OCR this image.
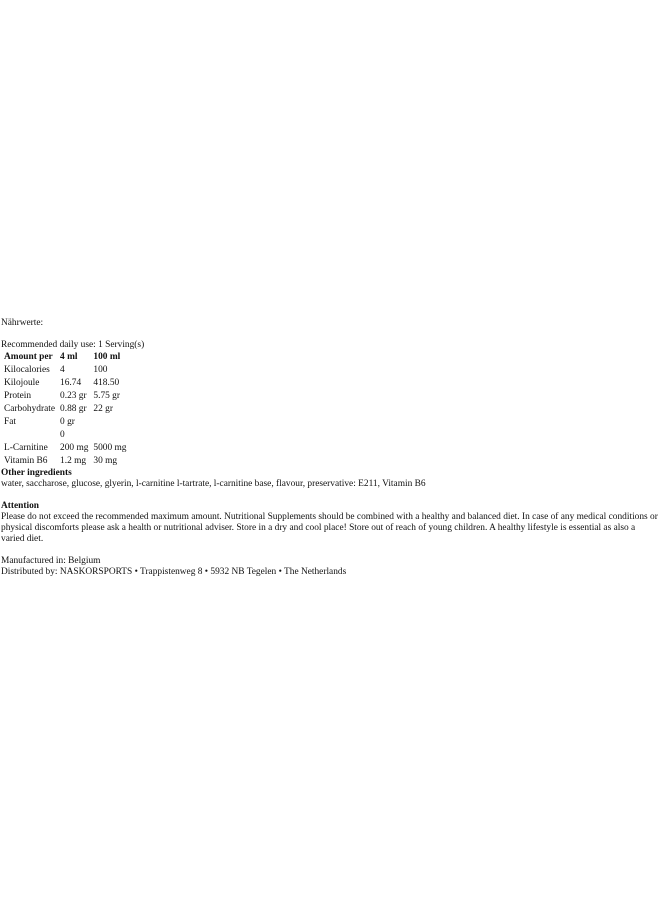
Nährwerte:

Recommended daily use: 1 Serving(s)

Amount per	4 ml	100 ml
Kilocalories	4	100
Kilojoule	16.74	418.50
Protein	0.23 gr	5.75 gr
Carbohydrate	0.88 gr	22 gr
Fat	0 gr	
	0	
L-Carnitine	200 mg	5000 mg
Vitamin B6	1.2 mg	30 mg

Other ingredients

water, saccharose, glucose, glyerin, l-carnitine l-tartrate, l-carnitine base, flavour, preservative: E211, Vitamin B6

Attention

Please do not exceed the recommended maximum amount. Nutritional Supplements should be combined with a healthy and balanced diet. In case of any medical conditions or physical discomforts please ask a health or nutritional adviser. Store in a dry and cool place! Store out of reach of young children. A healthy lifestyle is essential as also a varied diet.

Manufactured in: Belgium

Distributed by: NASKORSPORTS • Trappistenweg 8 • 5932 NB Tegelen • The Netherlands
